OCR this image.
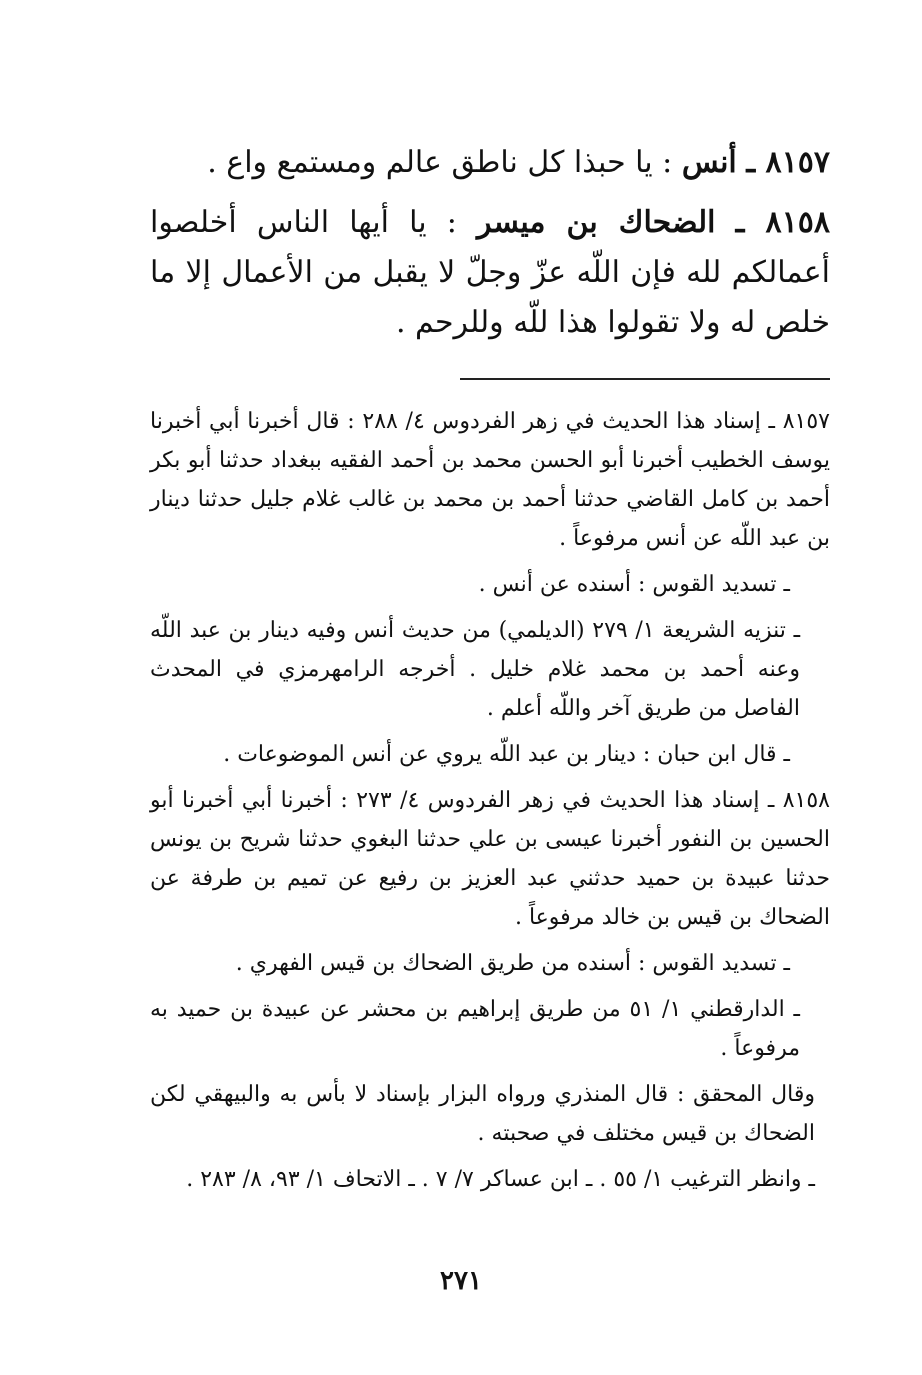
٨١٥٧ ـ أنس : يا حبذا كل ناطق عالم ومستمع واع .

٨١٥٨ ـ الضحاك بن ميسر : يا أيها الناس أخلصوا أعمالكم لله فإن اللّه عزّ وجلّ لا يقبل من الأعمال إلا ما خلص له ولا تقولوا هذا للّه وللرحم .

٨١٥٧ ـ إسناد هذا الحديث في زهر الفردوس ٤/ ٢٨٨ : قال أخبرنا أبي أخبرنا يوسف الخطيب أخبرنا أبو الحسن محمد بن أحمد الفقيه ببغداد حدثنا أبو بكر أحمد بن كامل القاضي حدثنا أحمد بن محمد بن غالب غلام جليل حدثنا دينار بن عبد اللّه عن أنس مرفوعاً .

ـ تسديد القوس : أسنده عن أنس .

ـ تنزيه الشريعة ١/ ٢٧٩ (الديلمي) من حديث أنس وفيه دينار بن عبد اللّه وعنه أحمد بن محمد غلام خليل . أخرجه الرامهرمزي في المحدث الفاصل من طريق آخر واللّه أعلم .

ـ قال ابن حبان : دينار بن عبد اللّه يروي عن أنس الموضوعات .

٨١٥٨ ـ إسناد هذا الحديث في زهر الفردوس ٤/ ٢٧٣ : أخبرنا أبي أخبرنا أبو الحسين بن النفور أخبرنا عيسى بن علي حدثنا البغوي حدثنا شريح بن يونس حدثنا عبيدة بن حميد حدثني عبد العزيز بن رفيع عن تميم بن طرفة عن الضحاك بن قيس بن خالد مرفوعاً .

ـ تسديد القوس : أسنده من طريق الضحاك بن قيس الفهري .

ـ الدارقطني ١/ ٥١ من طريق إبراهيم بن محشر عن عبيدة بن حميد به مرفوعاً .

وقال المحقق : قال المنذري ورواه البزار بإسناد لا بأس به والبيهقي لكن الضحاك بن قيس مختلف في صحبته .

ـ وانظر الترغيب ١/ ٥٥ . ـ ابن عساكر ٧/ ٧ . ـ الاتحاف ١/ ٩٣، ٨/ ٢٨٣ .

٢٧١
